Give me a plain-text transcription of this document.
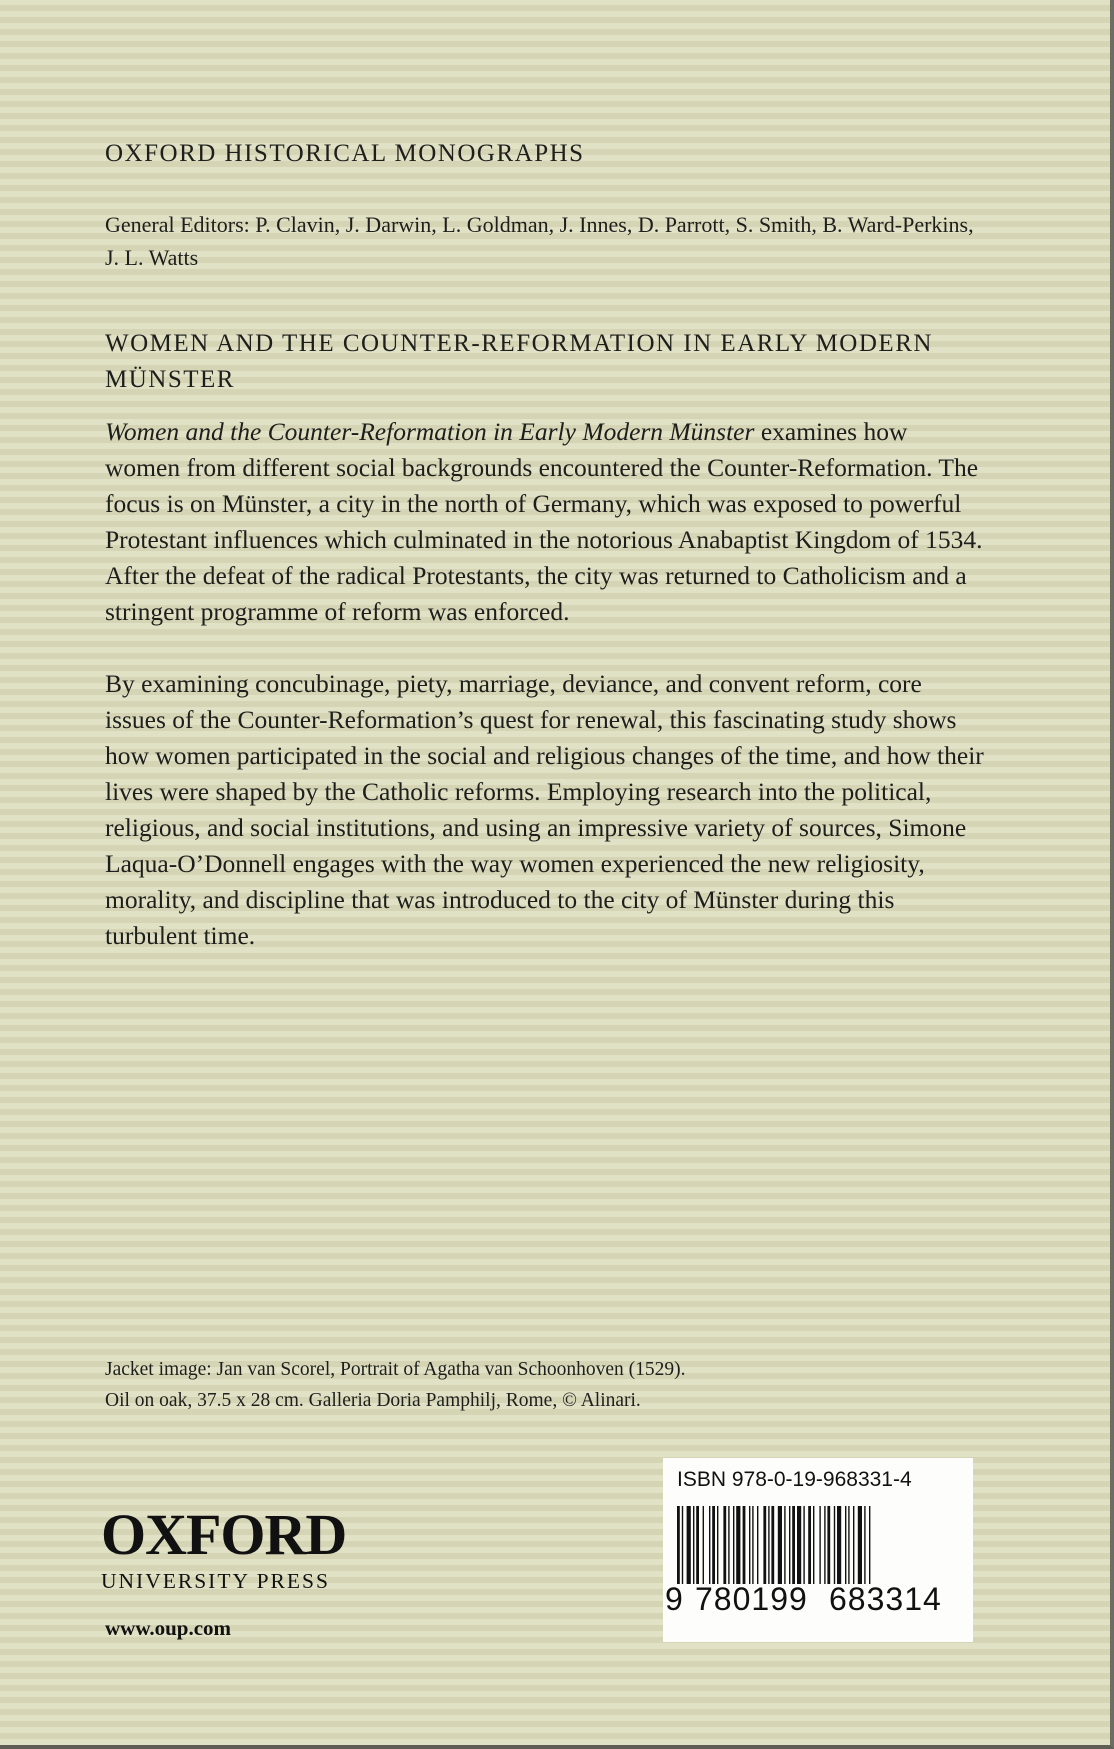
OXFORD HISTORICAL MONOGRAPHS

General Editors: P. Clavin, J. Darwin, L. Goldman, J. Innes, D. Parrott, S. Smith, B. Ward-Perkins, J. L. Watts

WOMEN AND THE COUNTER-REFORMATION IN EARLY MODERN MÜNSTER

Women and the Counter-Reformation in Early Modern Münster examines how women from different social backgrounds encountered the Counter-Reformation. The focus is on Münster, a city in the north of Germany, which was exposed to powerful Protestant influences which culminated in the notorious Anabaptist Kingdom of 1534. After the defeat of the radical Protestants, the city was returned to Catholicism and a stringent programme of reform was enforced.

By examining concubinage, piety, marriage, deviance, and convent reform, core issues of the Counter-Reformation’s quest for renewal, this fascinating study shows how women participated in the social and religious changes of the time, and how their lives were shaped by the Catholic reforms. Employing research into the political, religious, and social institutions, and using an impressive variety of sources, Simone Laqua-O’Donnell engages with the way women experienced the new religiosity, morality, and discipline that was introduced to the city of Münster during this turbulent time.

Jacket image: Jan van Scorel, Portrait of Agatha van Schoonhoven (1529).
Oil on oak, 37.5 x 28 cm. Galleria Doria Pamphilj, Rome, © Alinari.

OXFORD
UNIVERSITY PRESS
www.oup.com
ISBN 978-0-19-968331-4
9 780199 683314
